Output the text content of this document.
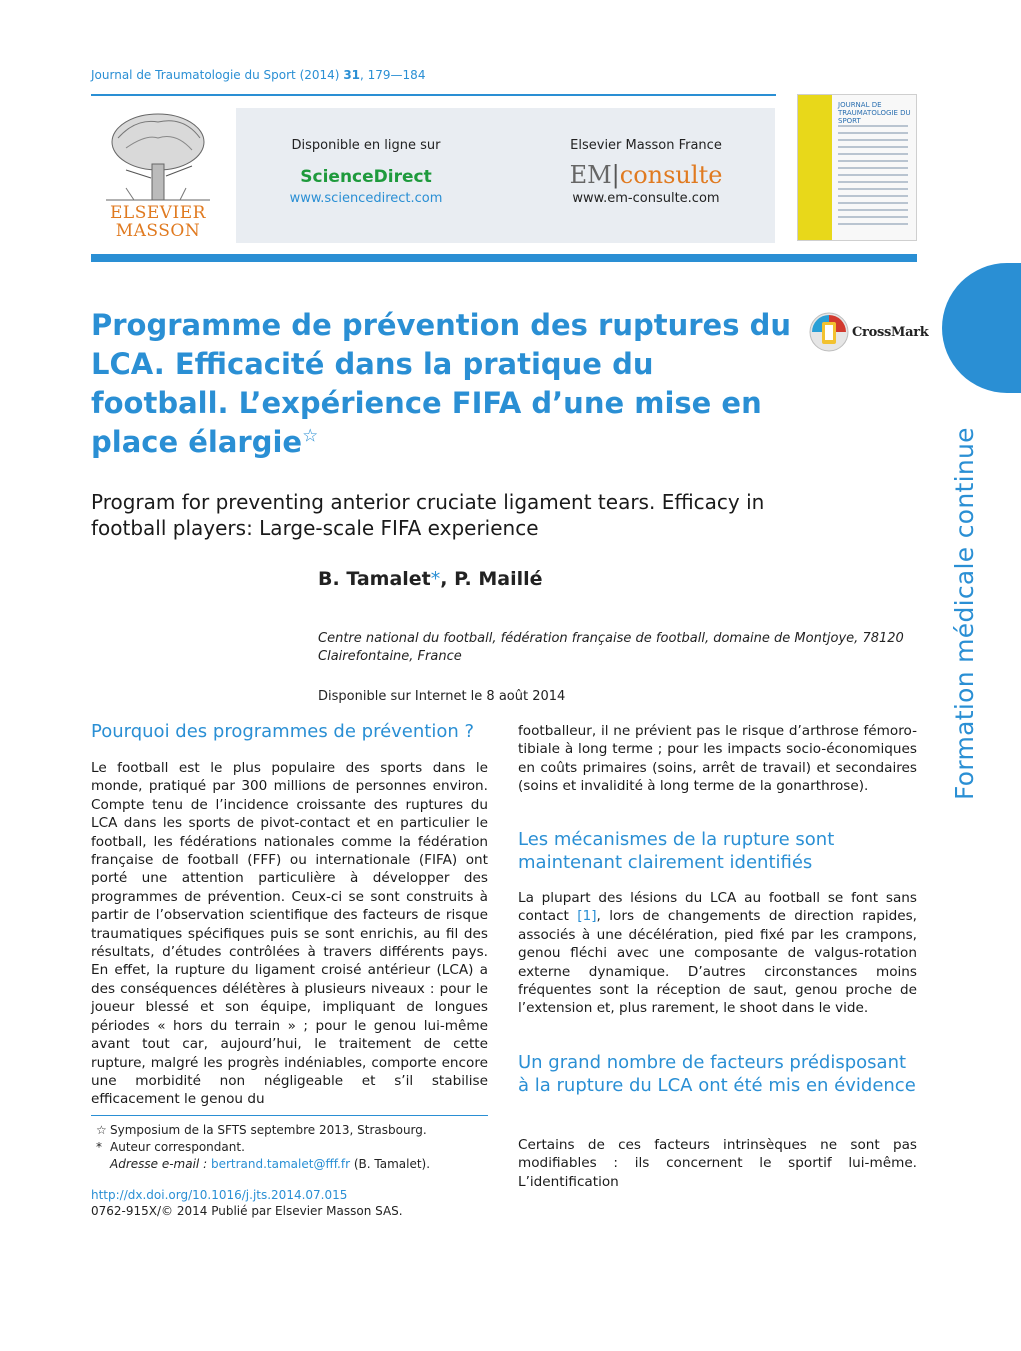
Journal de Traumatologie du Sport (2014) 31, 179—184
ELSEVIER
MASSON
Disponible en ligne sur
ScienceDirect
www.sciencedirect.com
Elsevier Masson France
EM|consulte
www.em-consulte.com
JOURNAL DE TRAUMATOLOGIE DU SPORT
Formation médicale continue
Programme de prévention des ruptures du LCA. Efficacité dans la pratique du football. L’expérience FIFA d’une mise en place élargie☆
CrossMark
Program for preventing anterior cruciate ligament tears. Efficacy in football players: Large-scale FIFA experience
B. Tamalet*, P. Maillé
Centre national du football, fédération française de football, domaine de Montjoye, 78120 Clairefontaine, France
Disponible sur Internet le 8 août 2014
Pourquoi des programmes de prévention ?
Le football est le plus populaire des sports dans le monde, pratiqué par 300 millions de personnes environ. Compte tenu de l’incidence croissante des ruptures du LCA dans les sports de pivot-contact et en particulier le football, les fédérations nationales comme la fédération française de football (FFF) ou internationale (FIFA) ont porté une attention particulière à développer des programmes de prévention. Ceux-ci se sont construits à partir de l’observation scientifique des facteurs de risque traumatiques spécifiques puis se sont enrichis, au fil des résultats, d’études contrôlées à travers différents pays. En effet, la rupture du ligament croisé antérieur (LCA) a des conséquences délétères à plusieurs niveaux : pour le joueur blessé et son équipe, impliquant de longues périodes « hors du terrain » ; pour le genou lui-même avant tout car, aujourd’hui, le traitement de cette rupture, malgré les progrès indéniables, comporte encore une morbidité non négligeable et s’il stabilise efficacement le genou du
footballeur, il ne prévient pas le risque d’arthrose fémoro-tibiale à long terme ; pour les impacts socio-économiques en coûts primaires (soins, arrêt de travail) et secondaires (soins et invalidité à long terme de la gonarthrose).
Les mécanismes de la rupture sont maintenant clairement identifiés
La plupart des lésions du LCA au football se font sans contact [1], lors de changements de direction rapides, associés à une décélération, pied fixé par les crampons, genou fléchi avec une composante de valgus-rotation externe dynamique. D’autres circonstances moins fréquentes sont la réception de saut, genou proche de l’extension et, plus rarement, le shoot dans le vide.
Un grand nombre de facteurs prédisposant à la rupture du LCA ont été mis en évidence
Certains de ces facteurs intrinsèques ne sont pas modifiables : ils concernent le sportif lui-même. L’identification
☆ Symposium de la SFTS septembre 2013, Strasbourg.
* Auteur correspondant.
Adresse e-mail : bertrand.tamalet@fff.fr (B. Tamalet).
http://dx.doi.org/10.1016/j.jts.2014.07.015
0762-915X/© 2014 Publié par Elsevier Masson SAS.
